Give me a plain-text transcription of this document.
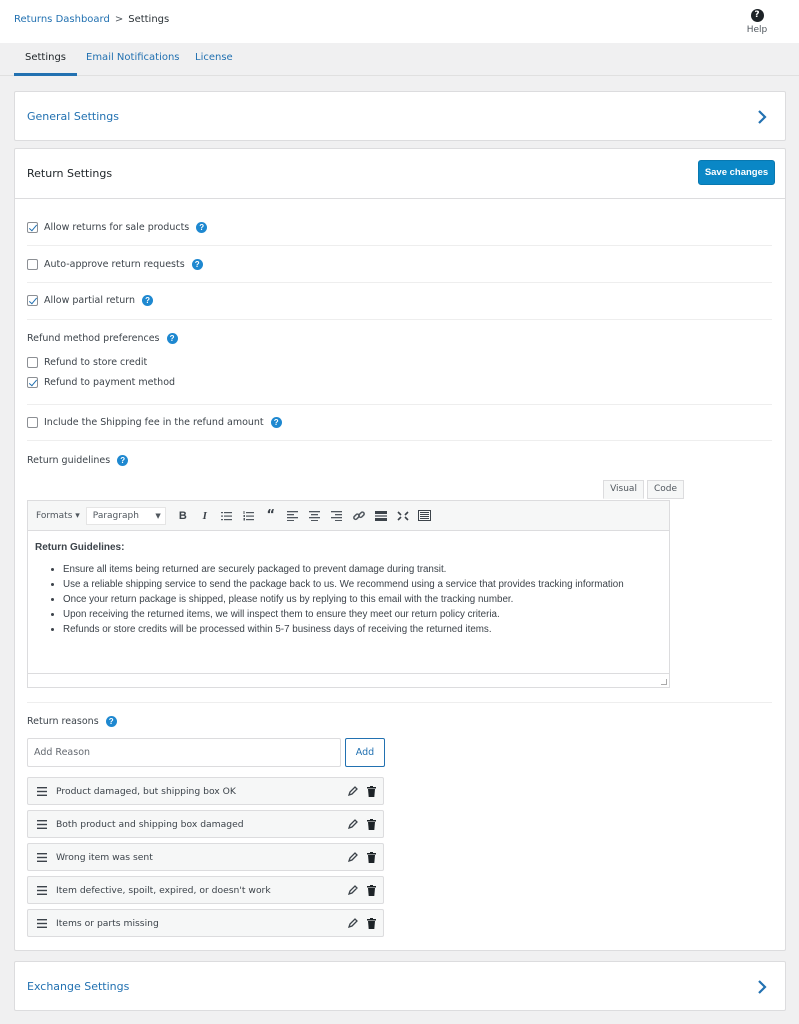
Returns Dashboard > Settings	?
Help
Settings	Email Notifications License
General Settings
Return Settings	Save changes
Allow returns for sale products	?
Auto-approve return requests	?
Allow partial return	?
Refund method preferences	?
Refund to store credit
Refund to payment method
Include the Shipping fee in the refund amount	?
Return guidelines	?
Visual	Code
Formats ▾	Paragraph ▼ B I	“
Return Guidelines:
• Ensure all items being returned are securely packaged to prevent damage during transit.
• Use a reliable shipping service to send the package back to us. We recommend using a service that provides tracking information
• Once your return package is shipped, please notify us by replying to this email with the tracking number.
• Upon receiving the returned items, we will inspect them to ensure they meet our return policy criteria.
• Refunds or store credits will be processed within 5-7 business days of receiving the returned items.
Return reasons	?
Add Reason	Add
Product damaged, but shipping box OK
Both product and shipping box damaged
Wrong item was sent
Item defective, spoilt, expired, or doesn't work
Items or parts missing
Exchange Settings
